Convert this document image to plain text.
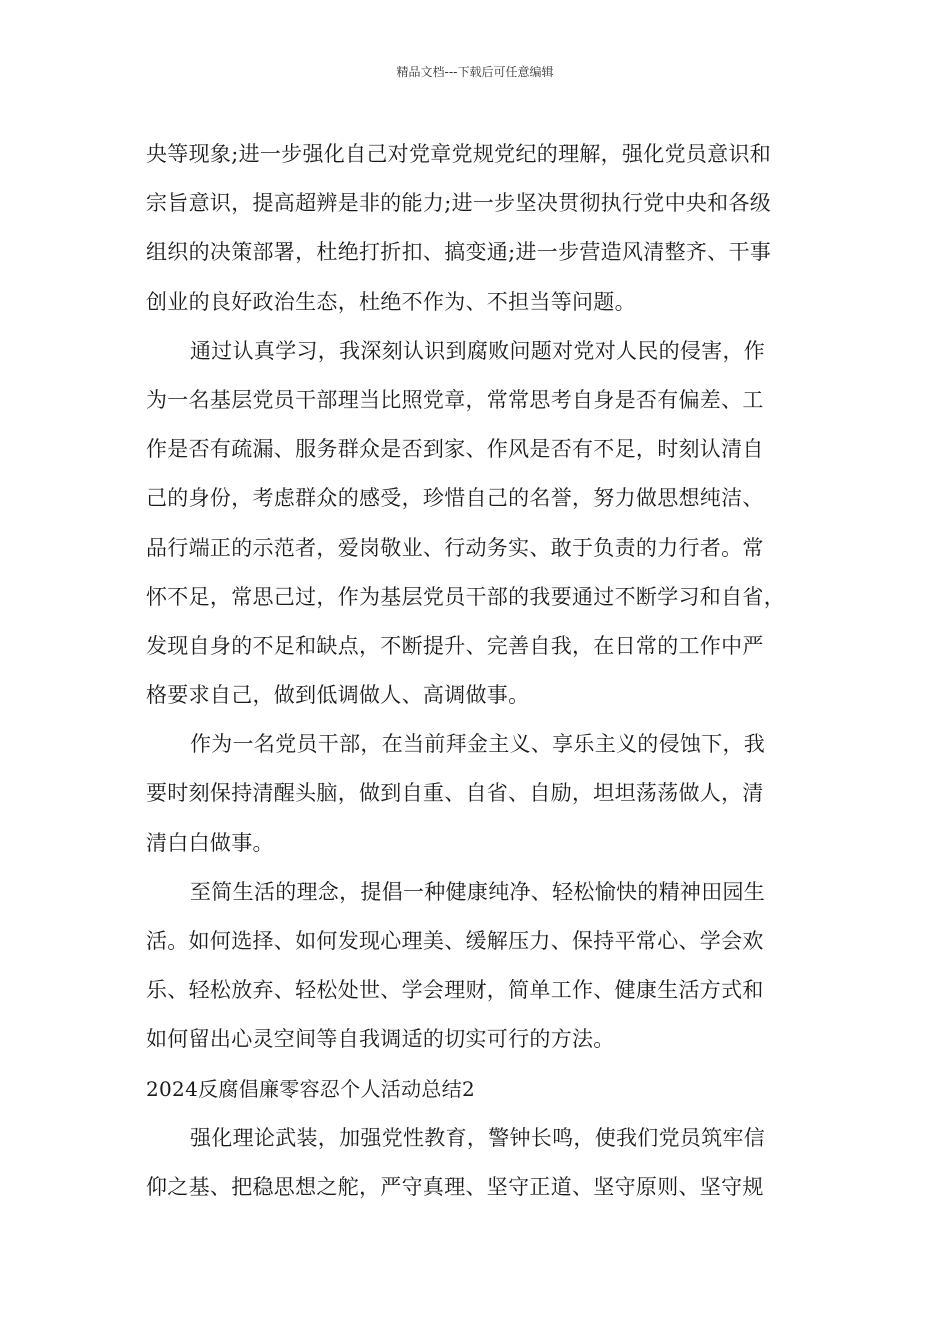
精品文档---下载后可任意编辑
央等现象;进一步强化自己对党章党规党纪的理解，强化党员意识和
宗旨意识，提高超辨是非的能力;进一步坚决贯彻执行党中央和各级
组织的决策部署，杜绝打折扣、搞变通;进一步营造风清整齐、干事
创业的良好政治生态，杜绝不作为、不担当等问题。
通过认真学习，我深刻认识到腐败问题对党对人民的侵害，作
为一名基层党员干部理当比照党章，常常思考自身是否有偏差、工
作是否有疏漏、服务群众是否到家、作风是否有不足，时刻认清自
己的身份，考虑群众的感受，珍惜自己的名誉，努力做思想纯洁、
品行端正的示范者，爱岗敬业、行动务实、敢于负责的力行者。常
怀不足，常思己过，作为基层党员干部的我要通过不断学习和自省，
发现自身的不足和缺点，不断提升、完善自我，在日常的工作中严
格要求自己，做到低调做人、高调做事。
作为一名党员干部，在当前拜金主义、享乐主义的侵蚀下，我
要时刻保持清醒头脑，做到自重、自省、自励，坦坦荡荡做人，清
清白白做事。
至简生活的理念，提倡一种健康纯净、轻松愉快的精神田园生
活。如何选择、如何发现心理美、缓解压力、保持平常心、学会欢
乐、轻松放弃、轻松处世、学会理财，简单工作、健康生活方式和
如何留出心灵空间等自我调适的切实可行的方法。
2024反腐倡廉零容忍个人活动总结2
强化理论武装，加强党性教育，警钟长鸣，使我们党员筑牢信
仰之基、把稳思想之舵，严守真理、坚守正道、坚守原则、坚守规
